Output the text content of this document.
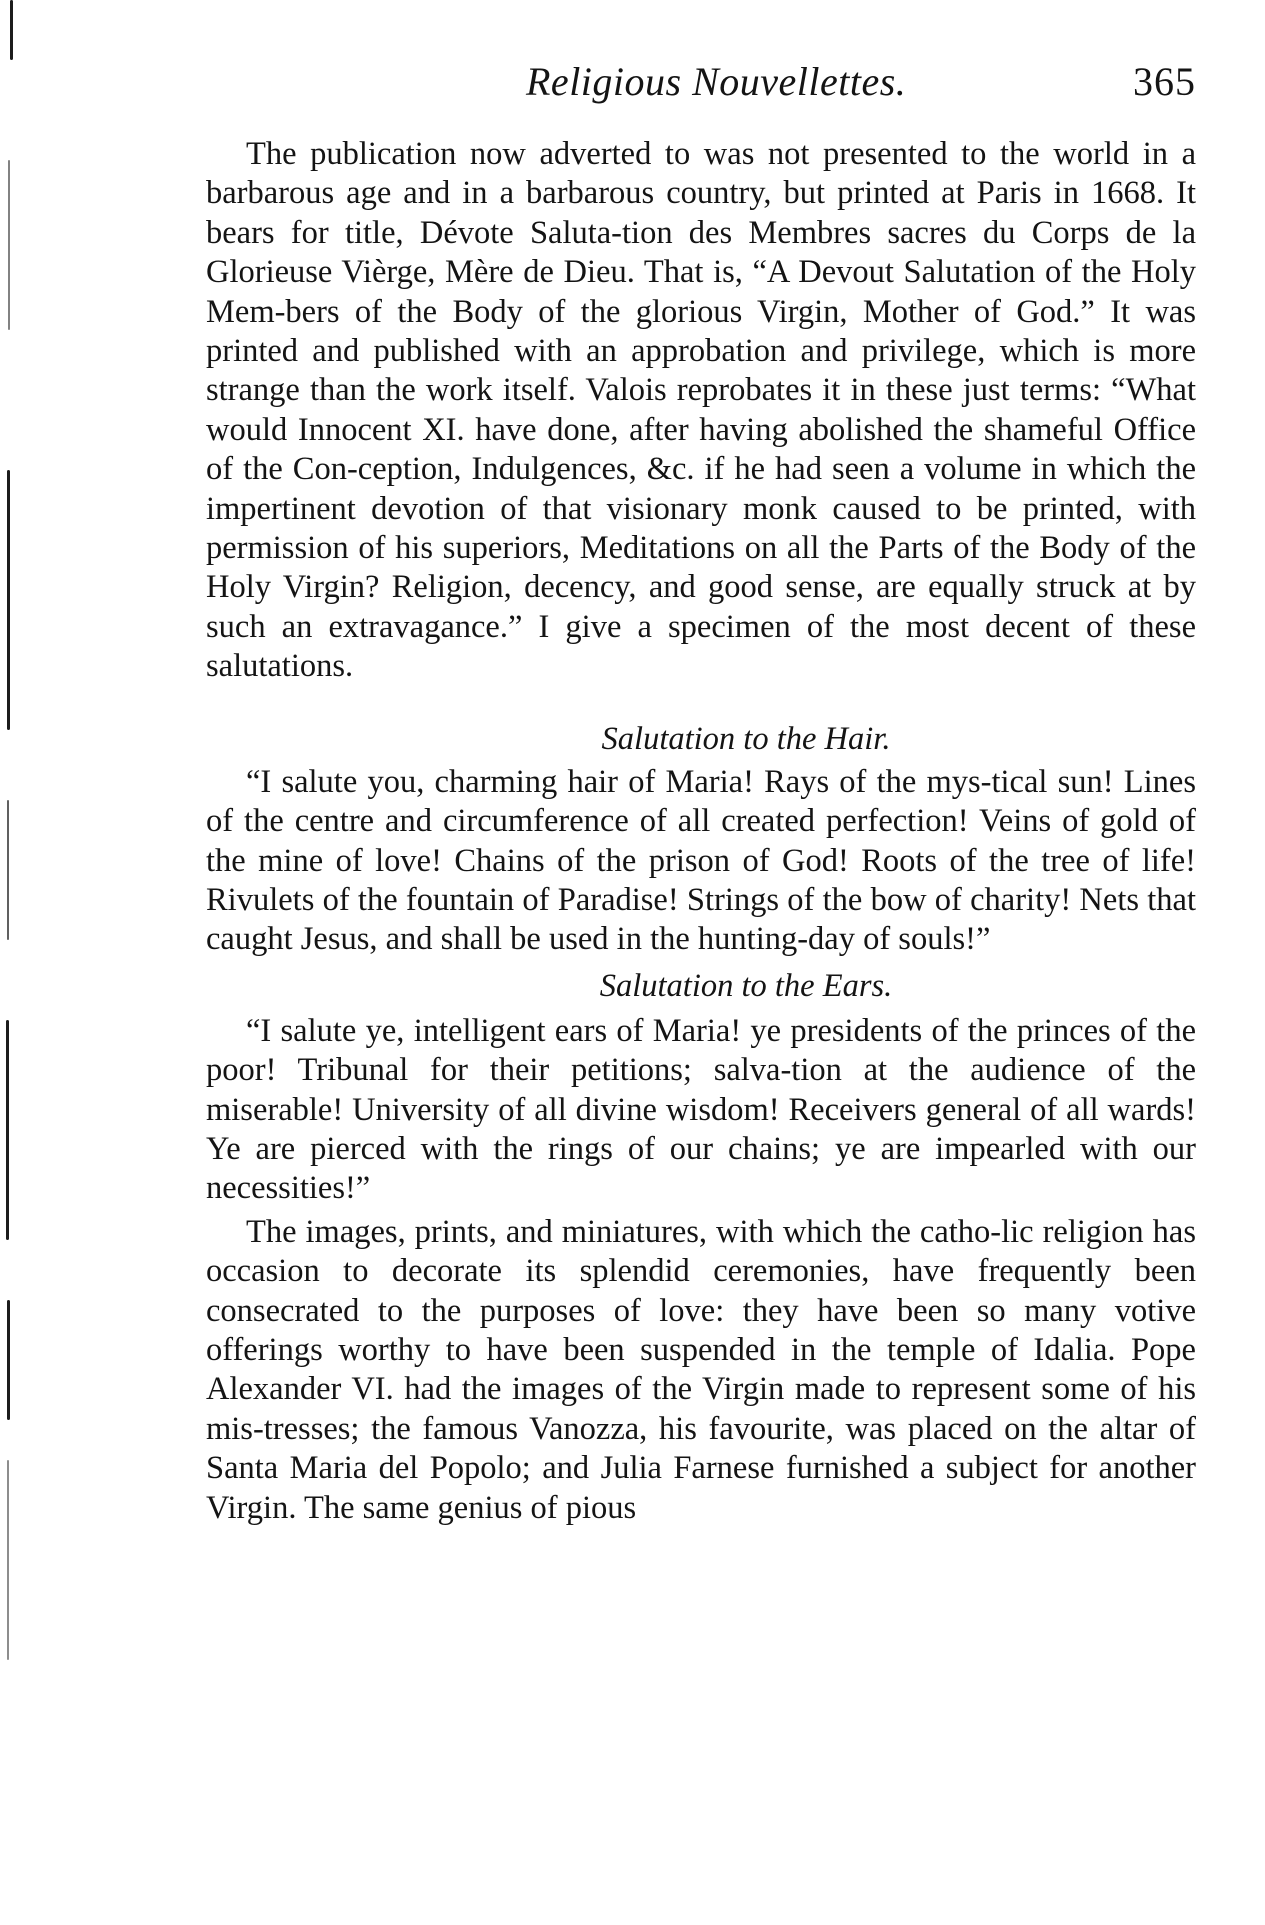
Religious Nouvellettes.	365

The publication now adverted to was not presented to the world in a barbarous age and in a barbarous country, but printed at Paris in 1668. It bears for title, Dévote Saluta-tion des Membres sacres du Corps de la Glorieuse Vièrge, Mère de Dieu. That is, “A Devout Salutation of the Holy Mem-bers of the Body of the glorious Virgin, Mother of God.” It was printed and published with an approbation and privilege, which is more strange than the work itself. Valois reprobates it in these just terms: “What would Innocent XI. have done, after having abolished the shameful Office of the Con-ception, Indulgences, &c. if he had seen a volume in which the impertinent devotion of that visionary monk caused to be printed, with permission of his superiors, Meditations on all the Parts of the Body of the Holy Virgin? Religion, decency, and good sense, are equally struck at by such an extravagance.” I give a specimen of the most decent of these salutations.

Salutation to the Hair.

“I salute you, charming hair of Maria! Rays of the mys-tical sun! Lines of the centre and circumference of all created perfection! Veins of gold of the mine of love! Chains of the prison of God! Roots of the tree of life! Rivulets of the fountain of Paradise! Strings of the bow of charity! Nets that caught Jesus, and shall be used in the hunting-day of souls!”

Salutation to the Ears.

“I salute ye, intelligent ears of Maria! ye presidents of the princes of the poor! Tribunal for their petitions; salva-tion at the audience of the miserable! University of all divine wisdom! Receivers general of all wards! Ye are pierced with the rings of our chains; ye are impearled with our necessities!”

The images, prints, and miniatures, with which the catho-lic religion has occasion to decorate its splendid ceremonies, have frequently been consecrated to the purposes of love: they have been so many votive offerings worthy to have been suspended in the temple of Idalia. Pope Alexander VI. had the images of the Virgin made to represent some of his mis-tresses; the famous Vanozza, his favourite, was placed on the altar of Santa Maria del Popolo; and Julia Farnese furnished a subject for another Virgin. The same genius of pious
